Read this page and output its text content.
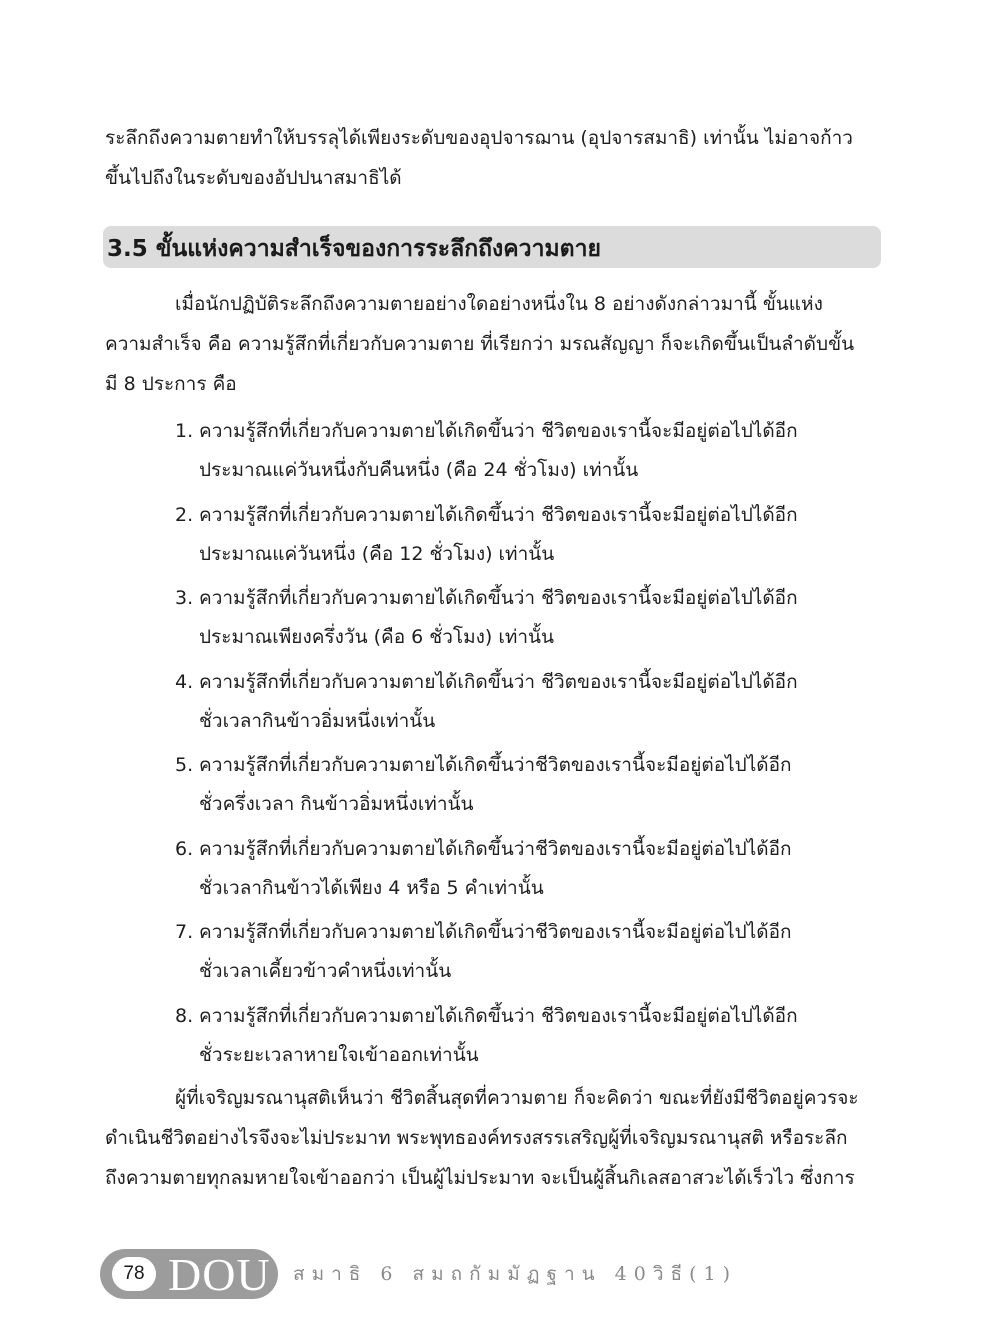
ระลึกถึงความตายทำให้บรรลุได้เพียงระดับของอุปจารฌาน (อุปจารสมาธิ) เท่านั้น ไม่อาจก้าว
ขึ้นไปถึงในระดับของอัปปนาสมาธิได้
3.5 ขั้นแห่งความสำเร็จของการระลึกถึงความตาย
เมื่อนักปฏิบัติระลึกถึงความตายอย่างใดอย่างหนึ่งใน 8 อย่างดังกล่าวมานี้ ขั้นแห่ง
ความสำเร็จ คือ ความรู้สึกที่เกี่ยวกับความตาย ที่เรียกว่า มรณสัญญา ก็จะเกิดขึ้นเป็นลำดับขั้น
มี 8 ประการ คือ
1. ความรู้สึกที่เกี่ยวกับความตายได้เกิดขึ้นว่า ชีวิตของเรานี้จะมีอยู่ต่อไปได้อีก
ประมาณแค่วันหนึ่งกับคืนหนึ่ง (คือ 24 ชั่วโมง) เท่านั้น
2. ความรู้สึกที่เกี่ยวกับความตายได้เกิดขึ้นว่า ชีวิตของเรานี้จะมีอยู่ต่อไปได้อีก
ประมาณแค่วันหนึ่ง (คือ 12 ชั่วโมง) เท่านั้น
3. ความรู้สึกที่เกี่ยวกับความตายได้เกิดขึ้นว่า ชีวิตของเรานี้จะมีอยู่ต่อไปได้อีก
ประมาณเพียงครึ่งวัน (คือ 6 ชั่วโมง) เท่านั้น
4. ความรู้สึกที่เกี่ยวกับความตายได้เกิดขึ้นว่า ชีวิตของเรานี้จะมีอยู่ต่อไปได้อีก
ชั่วเวลากินข้าวอิ่มหนึ่งเท่านั้น
5. ความรู้สึกที่เกี่ยวกับความตายได้เกิดขึ้นว่าชีวิตของเรานี้จะมีอยู่ต่อไปได้อีก
ชั่วครึ่งเวลา กินข้าวอิ่มหนึ่งเท่านั้น
6. ความรู้สึกที่เกี่ยวกับความตายได้เกิดขึ้นว่าชีวิตของเรานี้จะมีอยู่ต่อไปได้อีก
ชั่วเวลากินข้าวได้เพียง 4 หรือ 5 คำเท่านั้น
7. ความรู้สึกที่เกี่ยวกับความตายได้เกิดขึ้นว่าชีวิตของเรานี้จะมีอยู่ต่อไปได้อีก
ชั่วเวลาเคี้ยวข้าวคำหนึ่งเท่านั้น
8. ความรู้สึกที่เกี่ยวกับความตายได้เกิดขึ้นว่า ชีวิตของเรานี้จะมีอยู่ต่อไปได้อีก
ชั่วระยะเวลาหายใจเข้าออกเท่านั้น
ผู้ที่เจริญมรณานุสติเห็นว่า ชีวิตสิ้นสุดที่ความตาย ก็จะคิดว่า ขณะที่ยังมีชีวิตอยู่ควรจะ
ดำเนินชีวิตอย่างไรจึงจะไม่ประมาท พระพุทธองค์ทรงสรรเสริญผู้ที่เจริญมรณานุสติ หรือระลึก
ถึงความตายทุกลมหายใจเข้าออกว่า เป็นผู้ไม่ประมาท จะเป็นผู้สิ้นกิเลสอาสวะได้เร็วไว ซึ่งการ
78 DOU สมาธิ 6 สมถกัมมัฏฐาน 40วิธี(1)
